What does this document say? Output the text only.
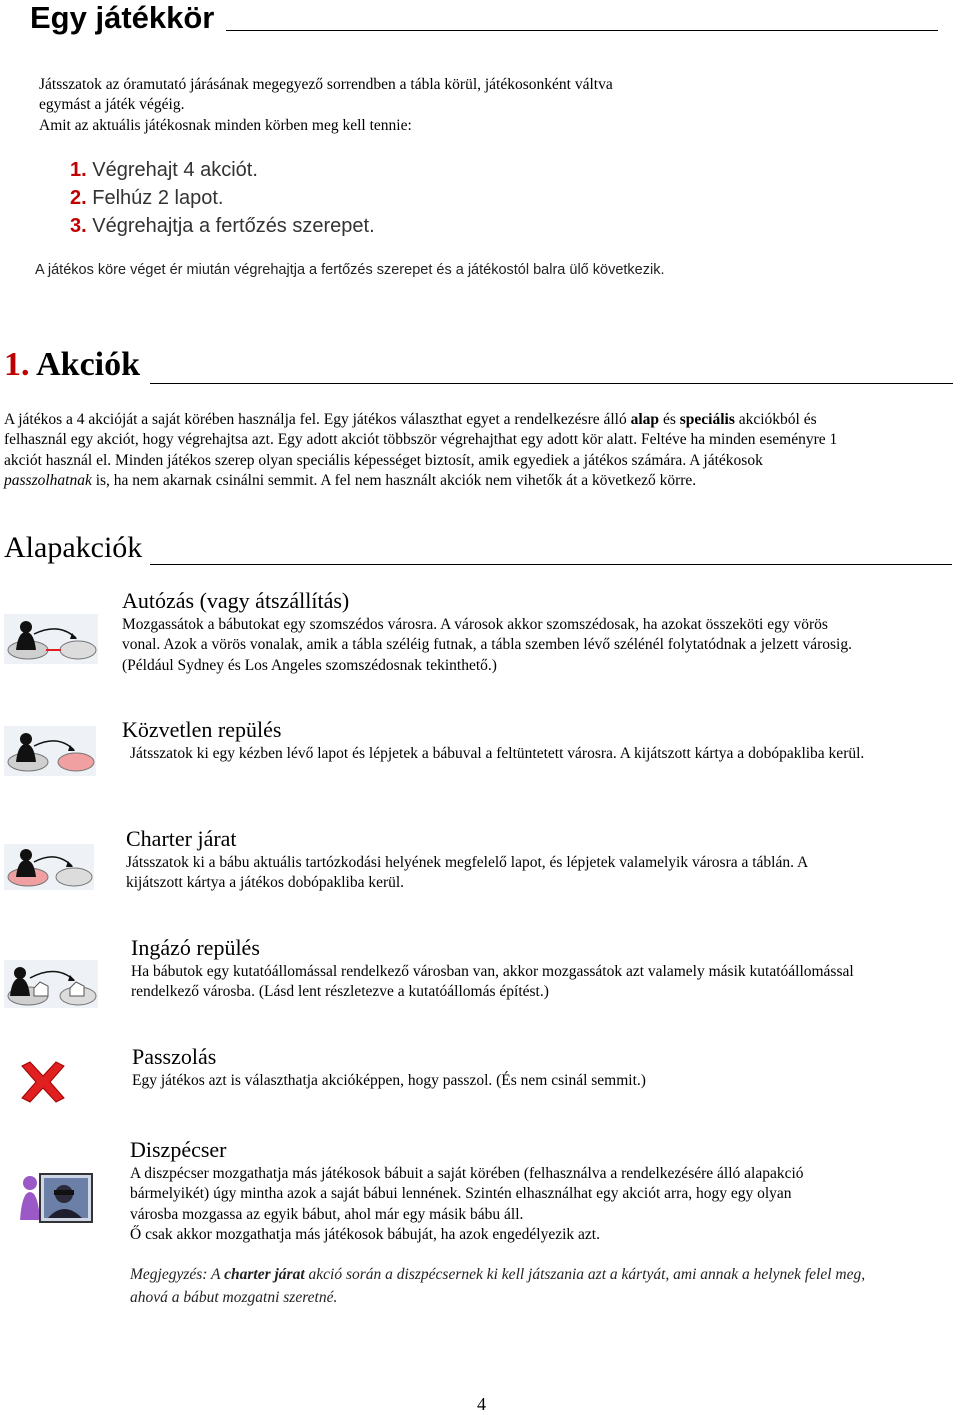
Egy játékkör
Játsszatok az óramutató járásának megegyező sorrendben a tábla körül, játékosonként váltva
egymást a játék végéig.
Amit az aktuális játékosnak minden körben meg kell tennie:
1. Végrehajt 4 akciót.
2. Felhúz 2 lapot.
3. Végrehajtja a fertőzés szerepet.
A játékos köre véget ér miután végrehajtja a fertőzés szerepet és a játékostól balra ülő következik.
1. Akciók
A játékos a 4 akcióját a saját körében használja fel. Egy játékos választhat egyet a rendelkezésre álló alap és speciális akciókból és
felhasznál egy akciót, hogy végrehajtsa azt. Egy adott akciót többször végrehajthat egy adott kör alatt. Feltéve ha minden eseményre 1
akciót használ el. Minden játékos szerep olyan speciális képességet biztosít, amik egyediek a játékos számára. A játékosok
passzolhatnak is, ha nem akarnak csinálni semmit. A fel nem használt akciók nem vihetők át a következő körre.
Alapakciók
Autózás (vagy átszállítás)
Mozgassátok a bábutokat egy szomszédos városra. A városok akkor szomszédosak, ha azokat összeköti egy vörös
vonal. Azok a vörös vonalak, amik a tábla széléig futnak, a tábla szemben lévő szélénél folytatódnak a jelzett városig.
(Például Sydney és Los Angeles szomszédosnak tekinthető.)
Közvetlen repülés
Játsszatok ki egy kézben lévő lapot és lépjetek a bábuval a feltüntetett városra. A kijátszott kártya a dobópakliba kerül.
Charter járat
Játsszatok ki a bábu aktuális tartózkodási helyének megfelelő lapot, és lépjetek valamelyik városra a táblán. A
kijátszott kártya a játékos dobópakliba kerül.
Ingázó repülés
Ha bábutok egy kutatóállomással rendelkező városban van, akkor mozgassátok azt valamely másik kutatóállomással
rendelkező városba. (Lásd lent részletezve a kutatóállomás építést.)
Passzolás
Egy játékos azt is választhatja akcióképpen, hogy passzol. (És nem csinál semmit.)
Diszpécser
A diszpécser mozgathatja más játékosok bábuit a saját körében (felhasználva a rendelkezésére álló alapakció
bármelyikét) úgy mintha azok a saját bábui lennének. Szintén elhasználhat egy akciót arra, hogy egy olyan
városba mozgassa az egyik bábut, ahol már egy másik bábu áll.
Ő csak akkor mozgathatja más játékosok bábuját, ha azok engedélyezik azt.
Megjegyzés: A charter járat akció során a diszpécsernek ki kell játszania azt a kártyát, ami annak a helynek felel meg,
ahová a bábut mozgatni szeretné.
4
